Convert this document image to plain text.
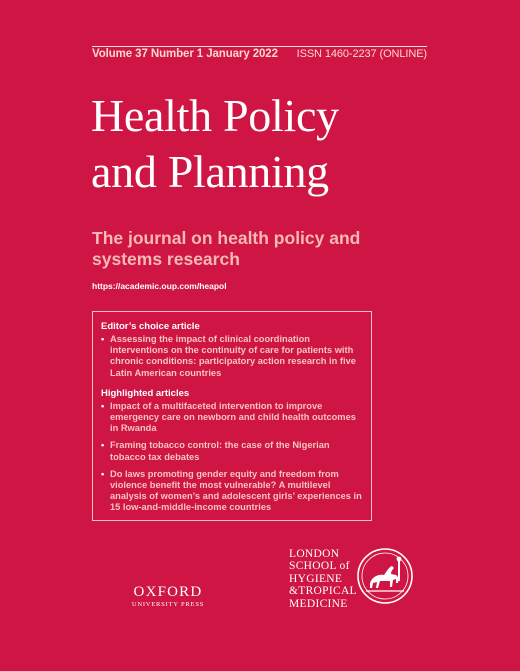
Volume 37 Number 1 January 2022 ISSN 1460-2237 (ONLINE)
Health Policy
and Planning
The journal on health policy and
systems research
https://academic.oup.com/heapol
Editor’s choice article
• Assessing the impact of clinical coordination interventions on the continuity of care for patients with chronic conditions: participatory action research in five Latin American countries
Highlighted articles
• Impact of a multifaceted intervention to improve emergency care on newborn and child health outcomes in Rwanda
• Framing tobacco control: the case of the Nigerian tobacco tax debates
• Do laws promoting gender equity and freedom from violence benefit the most vulnerable? A multilevel analysis of women’s and adolescent girls’ experiences in 15 low-and-middle-income countries
OXFORD
UNIVERSITY PRESS
LONDON
SCHOOL of
HYGIENE
&TROPICAL
MEDICINE
